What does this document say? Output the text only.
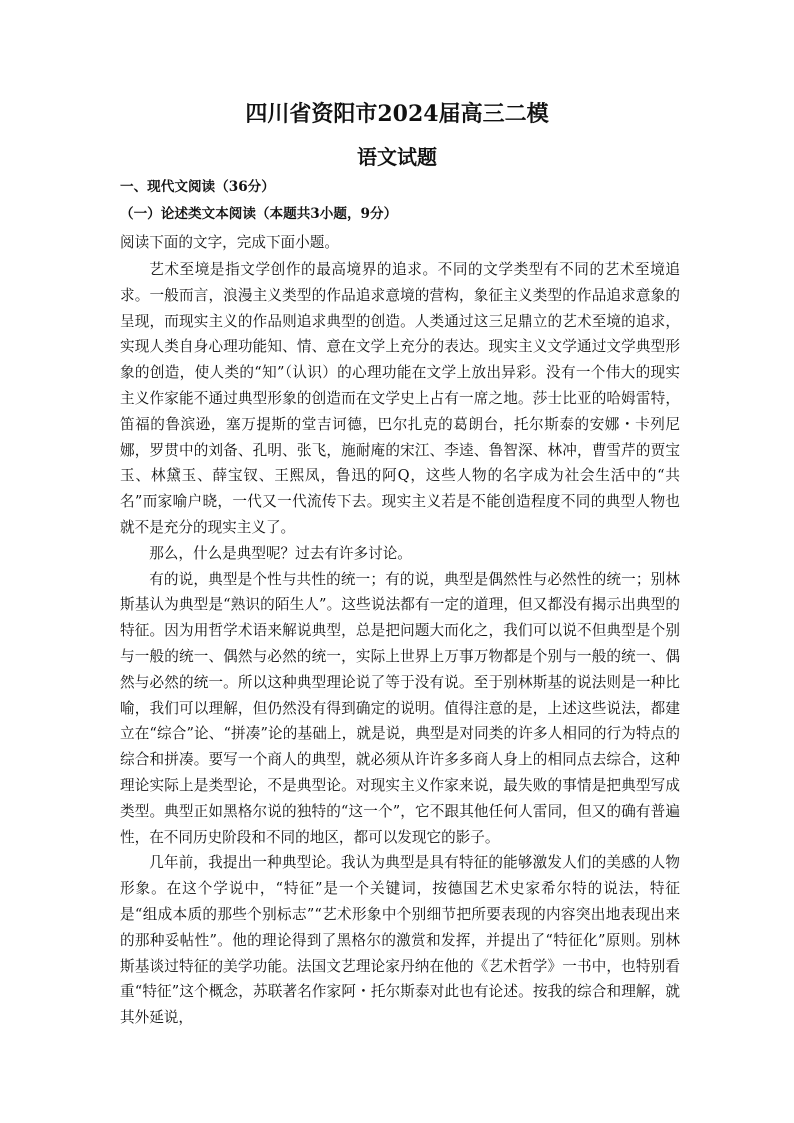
四川省资阳市2024届高三二模
语文试题
一、现代文阅读（36分）
（一）论述类文本阅读（本题共3小题，9分）

阅读下面的文字，完成下面小题。

艺术至境是指文学创作的最高境界的追求。不同的文学类型有不同的艺术至境追求。一般而言，浪漫主义类型的作品追求意境的营构，象征主义类型的作品追求意象的呈现，而现实主义的作品则追求典型的创造。人类通过这三足鼎立的艺术至境的追求，实现人类自身心理功能知、情、意在文学上充分的表达。现实主义文学通过文学典型形象的创造，使人类的“知”（认识）的心理功能在文学上放出异彩。没有一个伟大的现实主义作家能不通过典型形象的创造而在文学史上占有一席之地。莎士比亚的哈姆雷特，笛福的鲁滨逊，塞万提斯的堂吉诃德，巴尔扎克的葛朗台，托尔斯泰的安娜・卡列尼娜，罗贯中的刘备、孔明、张飞，施耐庵的宋江、李逵、鲁智深、林冲，曹雪芹的贾宝玉、林黛玉、薛宝钗、王熙凤，鲁迅的阿Q，这些人物的名字成为社会生活中的“共名”而家喻户晓，一代又一代流传下去。现实主义若是不能创造程度不同的典型人物也就不是充分的现实主义了。

那么，什么是典型呢？过去有许多讨论。

有的说，典型是个性与共性的统一；有的说，典型是偶然性与必然性的统一；别林斯基认为典型是“熟识的陌生人”。这些说法都有一定的道理，但又都没有揭示出典型的特征。因为用哲学术语来解说典型，总是把问题大而化之，我们可以说不但典型是个别与一般的统一、偶然与必然的统一，实际上世界上万事万物都是个别与一般的统一、偶然与必然的统一。所以这种典型理论说了等于没有说。至于别林斯基的说法则是一种比喻，我们可以理解，但仍然没有得到确定的说明。值得注意的是，上述这些说法，都建立在“综合”论、“拼凑”论的基础上，就是说，典型是对同类的许多人相同的行为特点的综合和拼凑。要写一个商人的典型，就必须从许许多多商人身上的相同点去综合，这种理论实际上是类型论，不是典型论。对现实主义作家来说，最失败的事情是把典型写成类型。典型正如黑格尔说的独特的“这一个”，它不跟其他任何人雷同，但又的确有普遍性，在不同历史阶段和不同的地区，都可以发现它的影子。

几年前，我提出一种典型论。我认为典型是具有特征的能够激发人们的美感的人物形象。在这个学说中，“特征”是一个关键词，按德国艺术史家希尔特的说法，特征是“组成本质的那些个别标志”“艺术形象中个别细节把所要表现的内容突出地表现出来的那种妥帖性”。他的理论得到了黑格尔的激赏和发挥，并提出了“特征化”原则。别林斯基谈过特征的美学功能。法国文艺理论家丹纳在他的《艺术哲学》一书中，也特别看重“特征”这个概念，苏联著名作家阿・托尔斯泰对此也有论述。按我的综合和理解，就其外延说，
